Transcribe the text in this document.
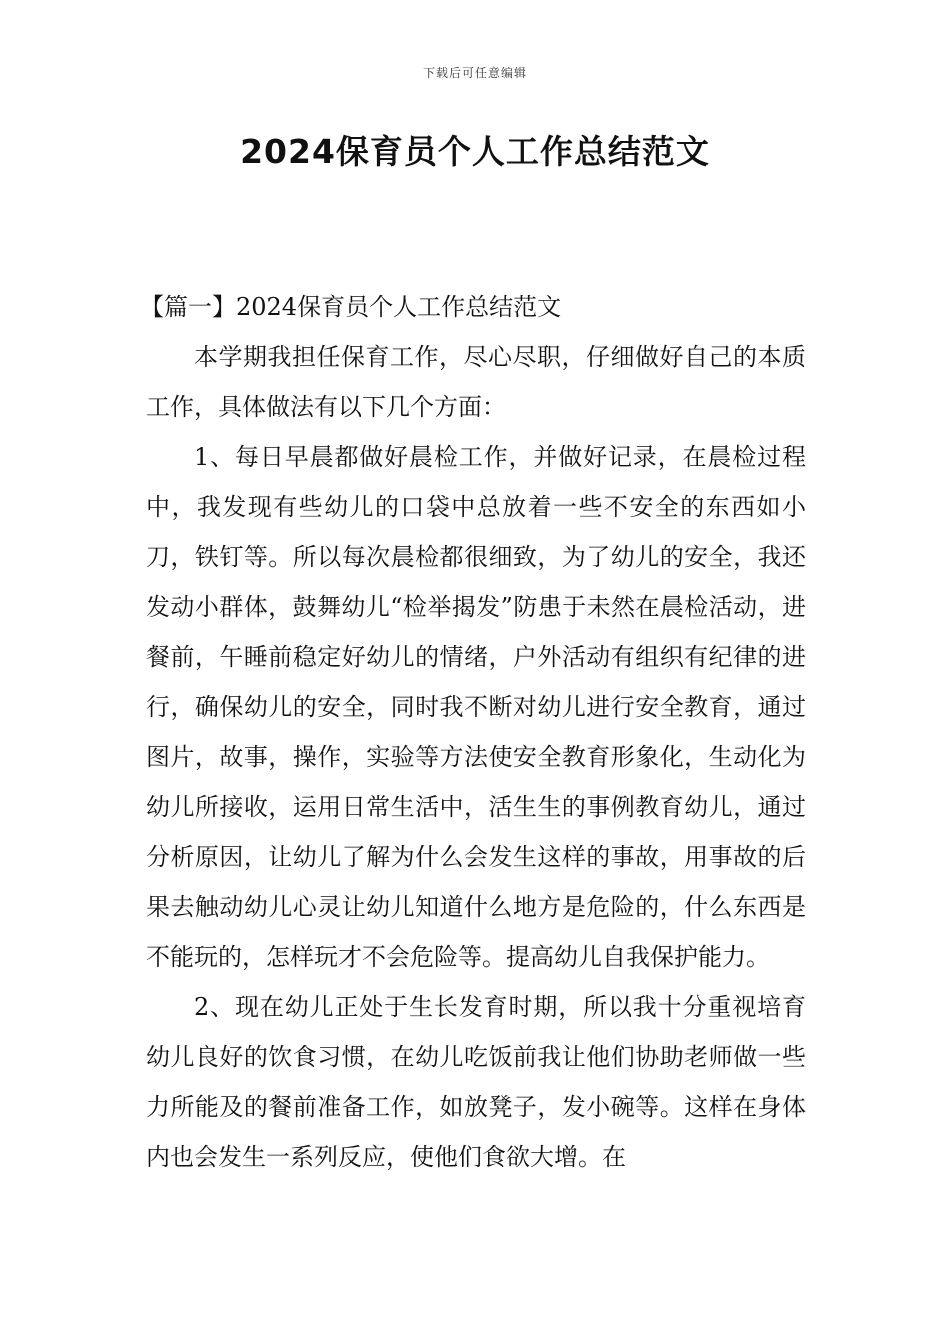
下载后可任意编辑
2024保育员个人工作总结范文

【篇一】2024保育员个人工作总结范文

本学期我担任保育工作，尽心尽职，仔细做好自己的本质工作，具体做法有以下几个方面：

1、每日早晨都做好晨检工作，并做好记录，在晨检过程中，我发现有些幼儿的口袋中总放着一些不安全的东西如小刀，铁钉等。所以每次晨检都很细致，为了幼儿的安全，我还发动小群体，鼓舞幼儿“检举揭发”防患于未然在晨检活动，进餐前，午睡前稳定好幼儿的情绪，户外活动有组织有纪律的进行，确保幼儿的安全，同时我不断对幼儿进行安全教育，通过图片，故事，操作，实验等方法使安全教育形象化，生动化为幼儿所接收，运用日常生活中，活生生的事例教育幼儿，通过分析原因，让幼儿了解为什么会发生这样的事故，用事故的后果去触动幼儿心灵让幼儿知道什么地方是危险的，什么东西是不能玩的，怎样玩才不会危险等。提高幼儿自我保护能力。

2、现在幼儿正处于生长发育时期，所以我十分重视培育幼儿良好的饮食习惯，在幼儿吃饭前我让他们协助老师做一些力所能及的餐前准备工作，如放凳子，发小碗等。这样在身体内也会发生一系列反应，使他们食欲大增。在
